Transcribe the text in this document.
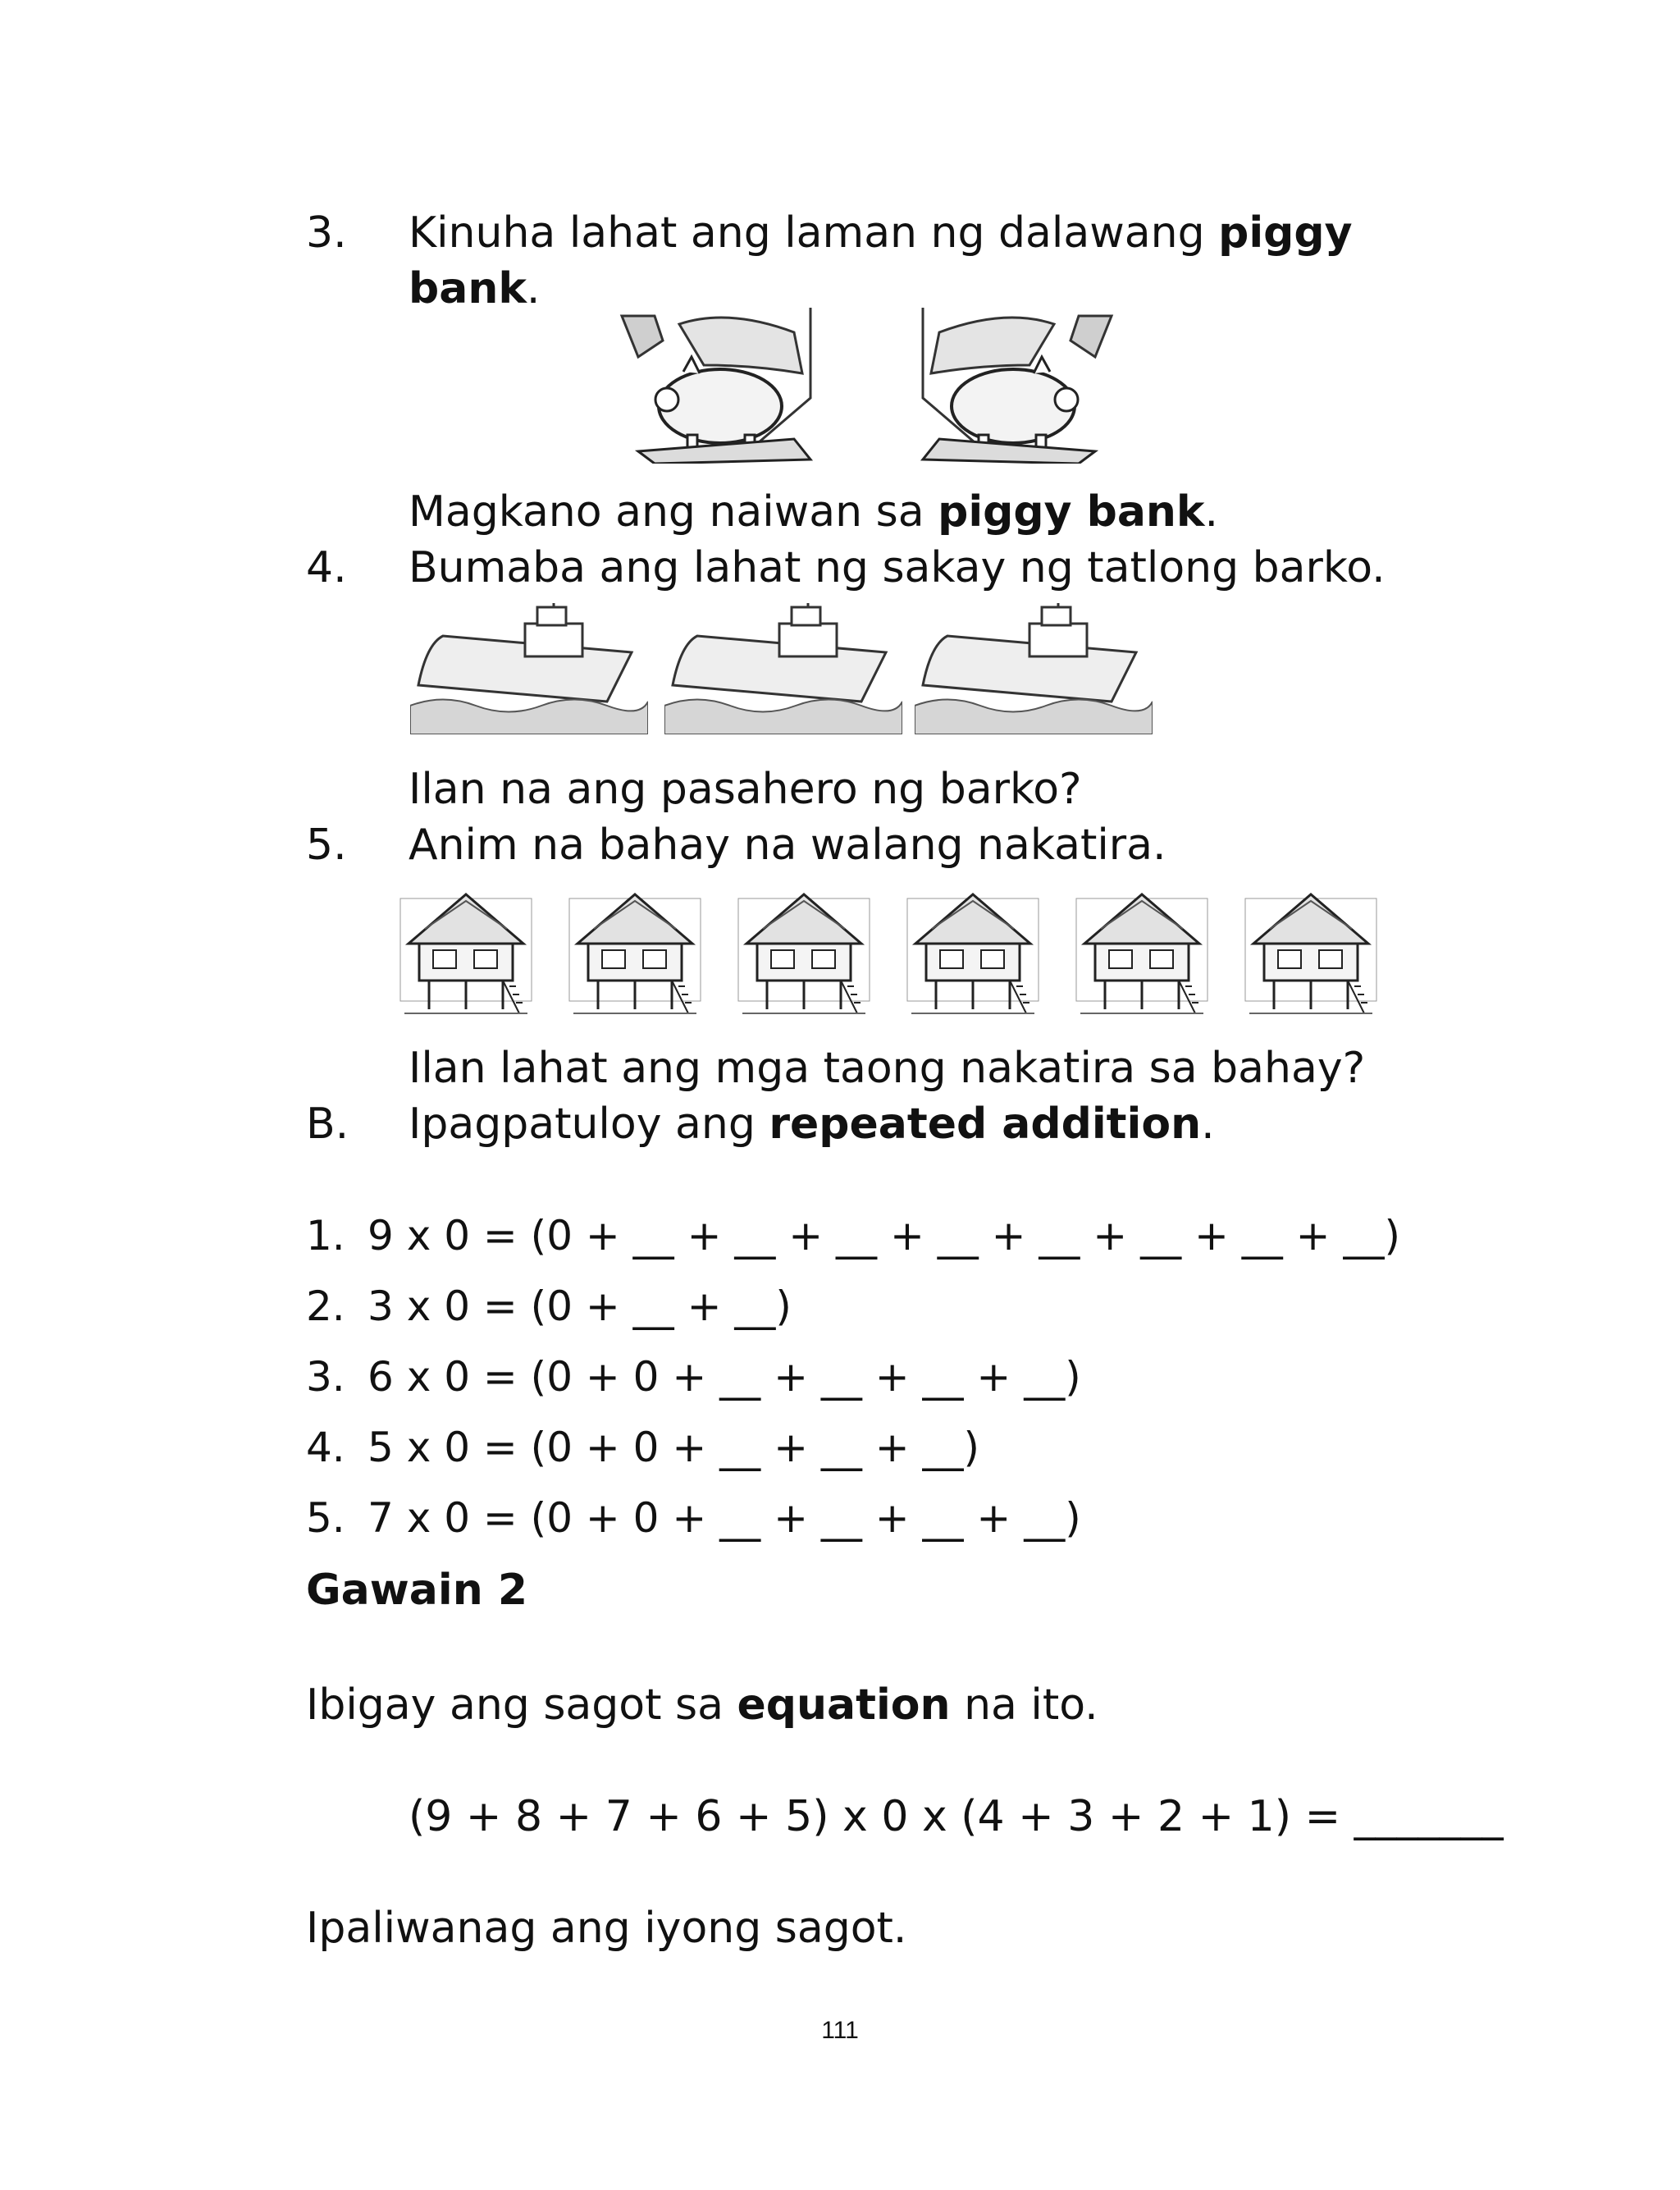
3. Kinuha lahat ang laman ng dalawang piggy
bank.
Magkano ang naiwan sa piggy bank.
4. Bumaba ang lahat ng sakay ng tatlong barko.
Ilan na ang pasahero ng barko?
5. Anim na bahay na walang nakatira.
Ilan lahat ang mga taong nakatira sa bahay?
B. Ipagpatuloy ang repeated addition.
1. 9 x 0 = (0 + __ + __ + __ + __ + __ + __ + __ + __)
2. 3 x 0 = (0 + __ + __)
3. 6 x 0 = (0 + 0 + __ + __ + __ + __)
4. 5 x 0 = (0 + 0 + __ + __ + __)
5. 7 x 0 = (0 + 0 + __ + __ + __ + __)
Gawain 2
Ibigay ang sagot sa equation na ito.
(9 + 8 + 7 + 6 + 5) x 0 x (4 + 3 + 2 + 1) = _______
Ipaliwanag ang iyong sagot.
111
